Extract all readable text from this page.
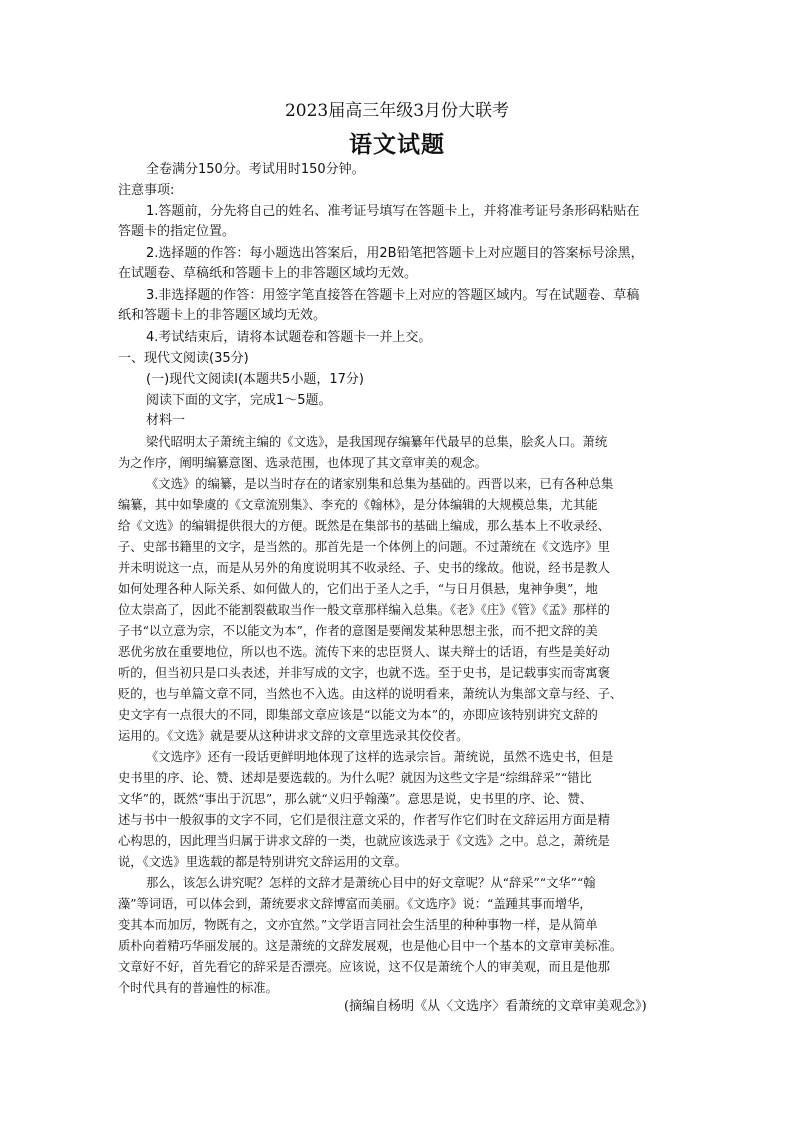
2023届高三年级3月份大联考
语文试题
全卷满分150分。考试用时150分钟。
注意事项:
1.答题前，分先将自己的姓名、准考证号填写在答题卡上，并将准考证号条形码粘贴在
答题卡的指定位置。
2.选择题的作答：每小题选出答案后，用2B铅笔把答题卡上对应题目的答案标号涂黑，
在试题卷、草稿纸和答题卡上的非答题区域均无效。
3.非选择题的作答：用签字笔直接答在答题卡上对应的答题区域内。写在试题卷、草稿
纸和答题卡上的非答题区域均无效。
4.考试结束后，请将本试题卷和答题卡一并上交。
一、现代文阅读(35分)
(一)现代文阅读Ⅰ(本题共5小题，17分)
阅读下面的文字，完成1～5题。
材料一
梁代昭明太子萧统主编的《文选》，是我国现存编纂年代最早的总集，脍炙人口。萧统
为之作序，阐明编纂意图、选录范围，也体现了其文章审美的观念。
《文选》的编纂，是以当时存在的诸家别集和总集为基础的。西晋以来，已有各种总集
编纂，其中如挚虞的《文章流别集》、李充的《翰林》，是分体编辑的大规模总集，尤其能
给《文选》的编辑提供很大的方便。既然是在集部书的基础上编成，那么基本上不收录经、
子、史部书籍里的文字，是当然的。那首先是一个体例上的问题。不过萧统在《文选序》里
并未明说这一点，而是从另外的角度说明其不收录经、子、史书的缘故。他说，经书是教人
如何处理各种人际关系、如何做人的，它们出于圣人之手，“与日月俱悬，鬼神争奥”，地
位太崇高了，因此不能割裂截取当作一般文章那样编入总集。《老》《庄》《管》《孟》那样的
子书“以立意为宗，不以能文为本”，作者的意图是要阐发某种思想主张，而不把文辞的美
恶优劣放在重要地位，所以也不选。流传下来的忠臣贤人、谋夫辩士的话语，有些是美好动
听的，但当初只是口头表述，并非写成的文字，也就不选。至于史书，是记载事实而寄寓褒
贬的，也与单篇文章不同，当然也不入选。由这样的说明看来，萧统认为集部文章与经、子、
史文字有一点很大的不同，即集部文章应该是“以能文为本”的，亦即应该特别讲究文辞的
运用的。《文选》就是要从这种讲求文辞的文章里选录其佼佼者。
《文选序》还有一段话更鲜明地体现了这样的选录宗旨。萧统说，虽然不选史书，但是
史书里的序、论、赞、述却是要选载的。为什么呢？就因为这些文字是“综缉辞采”“错比
文华”的，既然“事出于沉思”，那么就“义归乎翰藻”。意思是说，史书里的序、论、赞、
述与书中一般叙事的文字不同，它们是很注意文采的，作者写作它们时在文辞运用方面是精
心构思的，因此理当归属于讲求文辞的一类，也就应该选录于《文选》之中。总之，萧统是
说，《文选》里选载的都是特别讲究文辞运用的文章。
那么，该怎么讲究呢？怎样的文辞才是萧统心目中的好文章呢？从“辞采”“文华”“翰
藻”等词语，可以体会到，萧统要求文辞博富而美丽。《文选序》说：“盖踵其事而增华，
变其本而加厉，物既有之，文亦宜然。”文学语言同社会生活里的种种事物一样，是从简单
质朴向着精巧华丽发展的。这是萧统的文辞发展观，也是他心目中一个基本的文章审美标准。
文章好不好，首先看它的辞采是否漂亮。应该说，这不仅是萧统个人的审美观，而且是他那
个时代具有的普遍性的标准。
(摘编自杨明《从〈文选序〉看萧统的文章审美观念》)
